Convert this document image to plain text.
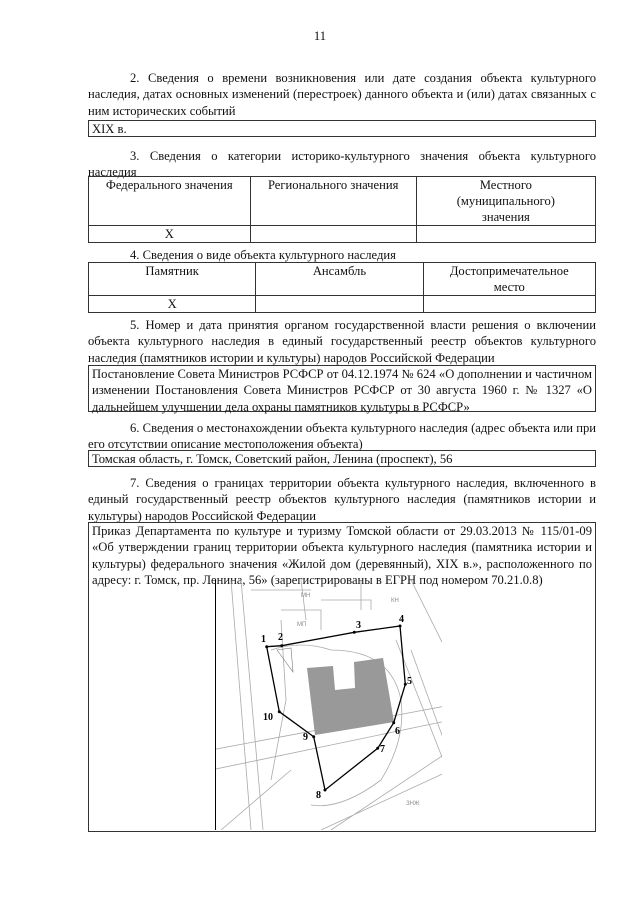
11
2. Сведения о времени возникновения или дате создания объекта культурного наследия, датах основных изменений (перестроек) данного объекта и (или) датах связанных с ним исторических событий
XIX в.
3. Сведения о категории историко-культурного значения объекта культурного наследия
Федерального значения	Регионального значения	Местного (муниципального) значения
X		
4. Сведения о виде объекта культурного наследия
Памятник	Ансамбль	Достопримечательное место
X		
5. Номер и дата принятия органом государственной власти решения о включении объекта культурного наследия в единый государственный реестр объектов культурного наследия (памятников истории и культуры) народов Российской Федерации
Постановление Совета Министров РСФСР от 04.12.1974 № 624 «О дополнении и частичном изменении Постановления Совета Министров РСФСР от 30 августа 1960 г. № 1327 «О дальнейшем улучшении дела охраны памятников культуры в РСФСР»
6. Сведения о местонахождении объекта культурного наследия (адрес объекта или при его отсутствии описание местоположения объекта)
Томская область, г. Томск, Советский район, Ленина (проспект), 56
7. Сведения о границах территории объекта культурного наследия, включенного в единый государственный реестр объектов культурного наследия (памятников истории и культуры) народов Российской Федерации
Приказ Департамента по культуре и туризму Томской области от 29.03.2013 № 115/01-09 «Об утверждении границ территории объекта культурного наследия (памятника истории и культуры) федерального значения «Жилой дом (деревянный), XIX в.», расположенного по адресу: г. Томск, пр. Ленина, 56» (зарегистрированы в ЕГРН под номером 70.21.0.8)
1 2
3
4
5
6
7
8
9
10
МН
МП
КН
ЗНЖ
